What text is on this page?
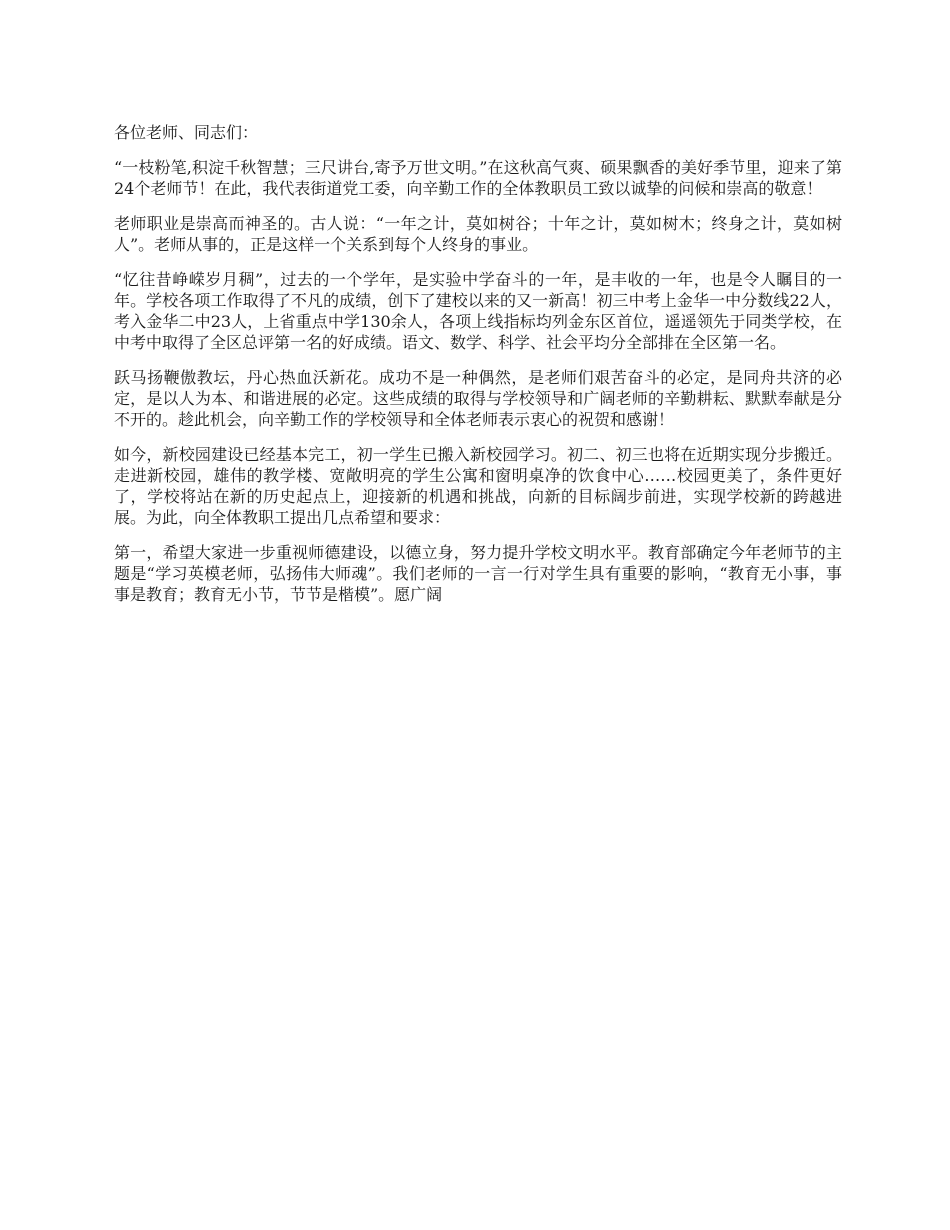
各位老师、同志们：

“一枝粉笔,积淀千秋智慧；三尺讲台,寄予万世文明。”在这秋高气爽、硕果飘香的美好季节里，迎来了第24个老师节！在此，我代表街道党工委，向辛勤工作的全体教职员工致以诚挚的问候和崇高的敬意！

老师职业是崇高而神圣的。古人说：“一年之计，莫如树谷；十年之计，莫如树木；终身之计，莫如树人”。老师从事的，正是这样一个关系到每个人终身的事业。

“忆往昔峥嵘岁月稠”，过去的一个学年，是实验中学奋斗的一年，是丰收的一年，也是令人瞩目的一年。学校各项工作取得了不凡的成绩，创下了建校以来的又一新高！初三中考上金华一中分数线22人，考入金华二中23人，上省重点中学130余人，各项上线指标均列金东区首位，遥遥领先于同类学校，在中考中取得了全区总评第一名的好成绩。语文、数学、科学、社会平均分全部排在全区第一名。

跃马扬鞭傲教坛，丹心热血沃新花。成功不是一种偶然，是老师们艰苦奋斗的必定，是同舟共济的必定，是以人为本、和谐进展的必定。这些成绩的取得与学校领导和广阔老师的辛勤耕耘、默默奉献是分不开的。趁此机会，向辛勤工作的学校领导和全体老师表示衷心的祝贺和感谢！

如今，新校园建设已经基本完工，初一学生已搬入新校园学习。初二、初三也将在近期实现分步搬迁。走进新校园，雄伟的教学楼、宽敞明亮的学生公寓和窗明桌净的饮食中心……校园更美了，条件更好了，学校将站在新的历史起点上，迎接新的机遇和挑战，向新的目标阔步前进，实现学校新的跨越进展。为此，向全体教职工提出几点希望和要求：

第一，希望大家进一步重视师德建设，以德立身，努力提升学校文明水平。教育部确定今年老师节的主题是“学习英模老师，弘扬伟大师魂”。我们老师的一言一行对学生具有重要的影响，“教育无小事，事事是教育；教育无小节，节节是楷模”。愿广阔
